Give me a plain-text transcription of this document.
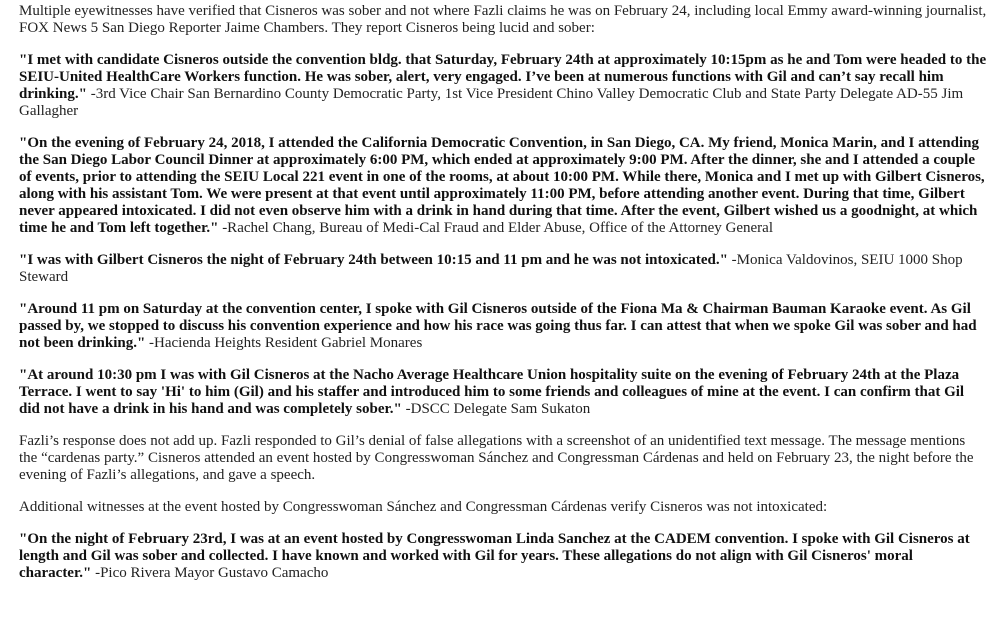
Multiple eyewitnesses have verified that Cisneros was sober and not where Fazli claims he was on February 24, including local Emmy award-winning journalist, FOX News 5 San Diego Reporter Jaime Chambers. They report Cisneros being lucid and sober:

"I met with candidate Cisneros outside the convention bldg. that Saturday, February 24th at approximately 10:15pm as he and Tom were headed to the SEIU-United HealthCare Workers function. He was sober, alert, very engaged. I’ve been at numerous functions with Gil and can’t say recall him drinking." -3rd Vice Chair San Bernardino County Democratic Party, 1st Vice President Chino Valley Democratic Club and State Party Delegate AD-55 Jim Gallagher

"On the evening of February 24, 2018, I attended the California Democratic Convention, in San Diego, CA. My friend, Monica Marin, and I attending the San Diego Labor Council Dinner at approximately 6:00 PM, which ended at approximately 9:00 PM. After the dinner, she and I attended a couple of events, prior to attending the SEIU Local 221 event in one of the rooms, at about 10:00 PM. While there, Monica and I met up with Gilbert Cisneros, along with his assistant Tom. We were present at that event until approximately 11:00 PM, before attending another event. During that time, Gilbert never appeared intoxicated. I did not even observe him with a drink in hand during that time. After the event, Gilbert wished us a goodnight, at which time he and Tom left together." -Rachel Chang, Bureau of Medi-Cal Fraud and Elder Abuse, Office of the Attorney General

"I was with Gilbert Cisneros the night of February 24th between 10:15 and 11 pm and he was not intoxicated." -Monica Valdovinos, SEIU 1000 Shop Steward

"Around 11 pm on Saturday at the convention center, I spoke with Gil Cisneros outside of the Fiona Ma & Chairman Bauman Karaoke event. As Gil passed by, we stopped to discuss his convention experience and how his race was going thus far. I can attest that when we spoke Gil was sober and had not been drinking." -Hacienda Heights Resident Gabriel Monares

"At around 10:30 pm I was with Gil Cisneros at the Nacho Average Healthcare Union hospitality suite on the evening of February 24th at the Plaza Terrace. I went to say 'Hi' to him (Gil) and his staffer and introduced him to some friends and colleagues of mine at the event. I can confirm that Gil did not have a drink in his hand and was completely sober." -DSCC Delegate Sam Sukaton

Fazli’s response does not add up. Fazli responded to Gil’s denial of false allegations with a screenshot of an unidentified text message. The message mentions the “cardenas party.” Cisneros attended an event hosted by Congresswoman Sánchez and Congressman Cárdenas and held on February 23, the night before the evening of Fazli’s allegations, and gave a speech.

Additional witnesses at the event hosted by Congresswoman Sánchez and Congressman Cárdenas verify Cisneros was not intoxicated:

"On the night of February 23rd, I was at an event hosted by Congresswoman Linda Sanchez at the CADEM convention. I spoke with Gil Cisneros at length and Gil was sober and collected. I have known and worked with Gil for years. These allegations do not align with Gil Cisneros' moral character." -Pico Rivera Mayor Gustavo Camacho
